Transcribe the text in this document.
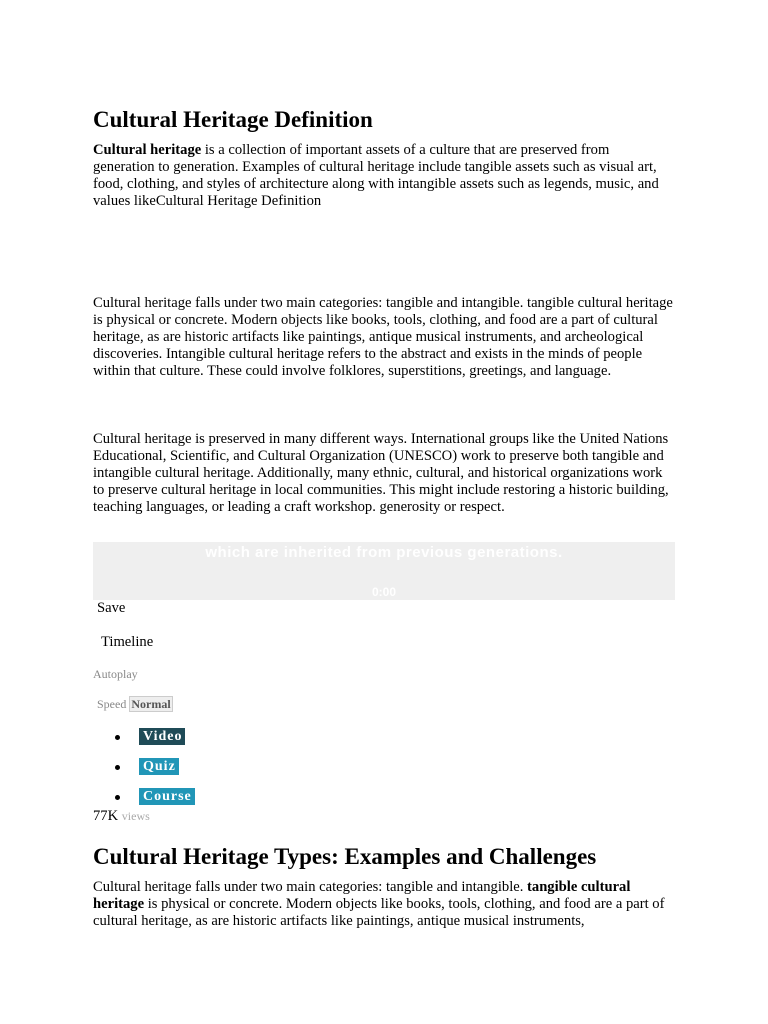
Cultural Heritage Definition

Cultural heritage is a collection of important assets of a culture that are preserved from generation to generation. Examples of cultural heritage include tangible assets such as visual art, food, clothing, and styles of architecture along with intangible assets such as legends, music, and values likeCultural Heritage Definition

Cultural heritage falls under two main categories: tangible and intangible. tangible cultural heritage is physical or concrete. Modern objects like books, tools, clothing, and food are a part of cultural heritage, as are historic artifacts like paintings, antique musical instruments, and archeological discoveries. Intangible cultural heritage refers to the abstract and exists in the minds of people within that culture. These could involve folklores, superstitions, greetings, and language.

Cultural heritage is preserved in many different ways. International groups like the United Nations Educational, Scientific, and Cultural Organization (UNESCO) work to preserve both tangible and intangible cultural heritage. Additionally, many ethnic, cultural, and historical organizations work to preserve cultural heritage in local communities. This might include restoring a historic building, teaching languages, or leading a craft workshop. generosity or respect.

which are inherited from previous generations.
0:00
Save
Timeline
Autoplay
Speed Normal
Video
Quiz
Course
77K views
Cultural Heritage Types: Examples and Challenges

Cultural heritage falls under two main categories: tangible and intangible. tangible cultural heritage is physical or concrete. Modern objects like books, tools, clothing, and food are a part of cultural heritage, as are historic artifacts like paintings, antique musical instruments,
